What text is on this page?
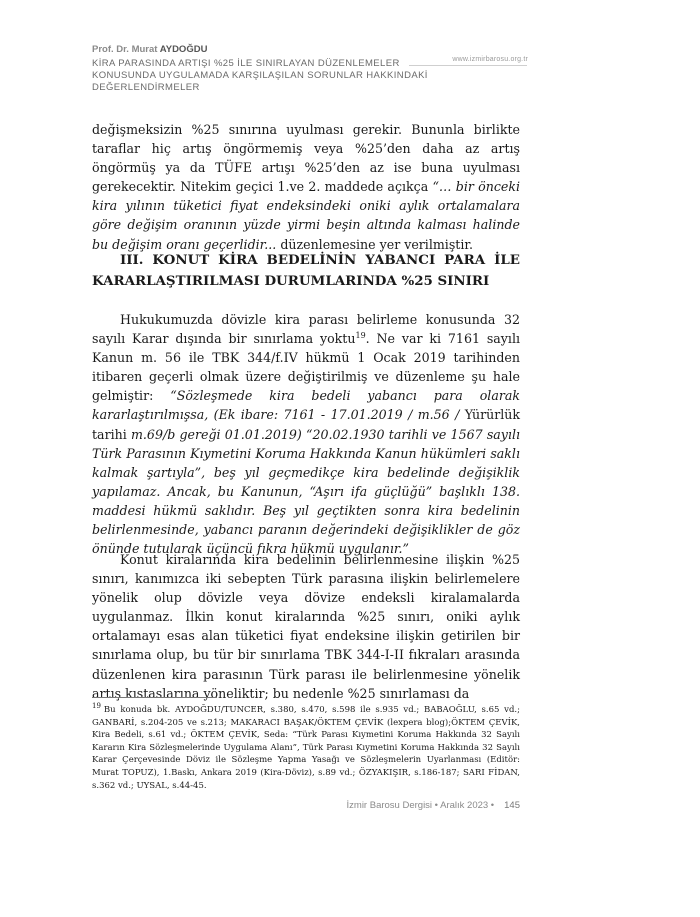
Prof. Dr. Murat AYDOĞDU
KİRA PARASINDA ARTIŞI %25 İLE SINIRLAYAN DÜZENLEMELER
KONUSUNDA UYGULAMADA KARŞILAŞILAN SORUNLAR HAKKINDAKİ
DEĞERLENDİRMELER
www.izmirbarosu.org.tr

değişmeksizin %25 sınırına uyulması gerekir. Bununla birlikte taraflar hiç artış öngörmemiş veya %25’den daha az artış öngörmüş ya da TÜFE artışı %25’den az ise buna uyulması gerekecektir. Nitekim geçici 1.ve 2. maddede açıkça “… bir önceki kira yılının tüketici fiyat endeksindeki oniki aylık ortalamalara göre değişim oranının yüzde yirmi beşin altında kalması halinde bu değişim oranı geçerlidir... düzenlemesine yer verilmiştir.

III. KONUT KİRA BEDELİNİN YABANCI PARA İLE KARARLAŞTIRILMASI DURUMLARINDA %25 SINIRI

Hukukumuzda dövizle kira parası belirleme konusunda 32 sayılı Karar dışında bir sınırlama yoktu$^{19}$. Ne var ki 7161 sayılı Kanun m. 56 ile TBK 344/f.IV hükmü 1 Ocak 2019 tarihinden itibaren geçerli olmak üzere değiştirilmiş ve düzenleme şu hale gelmiştir: “Sözleşmede kira bedeli yabancı para olarak kararlaştırılmışsa, (Ek ibare: 7161 - 17.01.2019 / m.56 / Yürürlük tarihi m.69/b gereği 01.01.2019) “20.02.1930 tarihli ve 1567 sayılı Türk Parasının Kıymetini Koruma Hakkında Kanun hükümleri saklı kalmak şartıyla”, beş yıl geçmedikçe kira bedelinde değişiklik yapılamaz. Ancak, bu Kanunun, “Aşırı ifa güçlüğü” başlıklı 138. maddesi hükmü saklıdır. Beş yıl geçtikten sonra kira bedelinin belirlenmesinde, yabancı paranın değerindeki değişiklikler de göz önünde tutularak üçüncü fıkra hükmü uygulanır.”

Konut kiralarında kira bedelinin belirlenmesine ilişkin %25 sınırı, kanımızca iki sebepten Türk parasına ilişkin belirlemelere yönelik olup dövizle veya dövize endeksli kiralamalarda uygulanmaz. İlkin konut kiralarında %25 sınırı, oniki aylık ortalamayı esas alan tüketici fiyat endeksine ilişkin getirilen bir sınırlama olup, bu tür bir sınırlama TBK 344-I-II fıkraları arasında düzenlenen kira parasının Türk parası ile belirlenmesine yönelik artış kıstaslarına yöneliktir; bu nedenle %25 sınırlaması da

$^{19}$ Bu konuda bk. AYDOĞDU/TUNCER, s.380, s.470, s.598 ile s.935 vd.; BABAOĞLU, s.65 vd.; GANBARİ, s.204-205 ve s.213; MAKARACI BAŞAK/ÖKTEM ÇEVİK (lexpera blog);ÖKTEM ÇEVİK, Kira Bedeli, s.61 vd.; ÖKTEM ÇEVİK, Seda: “Türk Parası Kıymetini Koruma Hakkında 32 Sayılı Kararın Kira Sözleşmelerinde Uygulama Alanı”, Türk Parası Kıymetini Koruma Hakkında 32 Sayılı Karar Çerçevesinde Döviz ile Sözleşme Yapma Yasağı ve Sözleşmelerin Uyarlanması (Editör: Murat TOPUZ), 1.Baskı, Ankara 2019 (Kira-Döviz), s.89 vd.; ÖZYAKIŞIR, s.186-187; SARI FİDAN, s.362 vd.; UYSAL, s.44-45.
İzmir Barosu Dergisi • Aralık 2023 • 145
